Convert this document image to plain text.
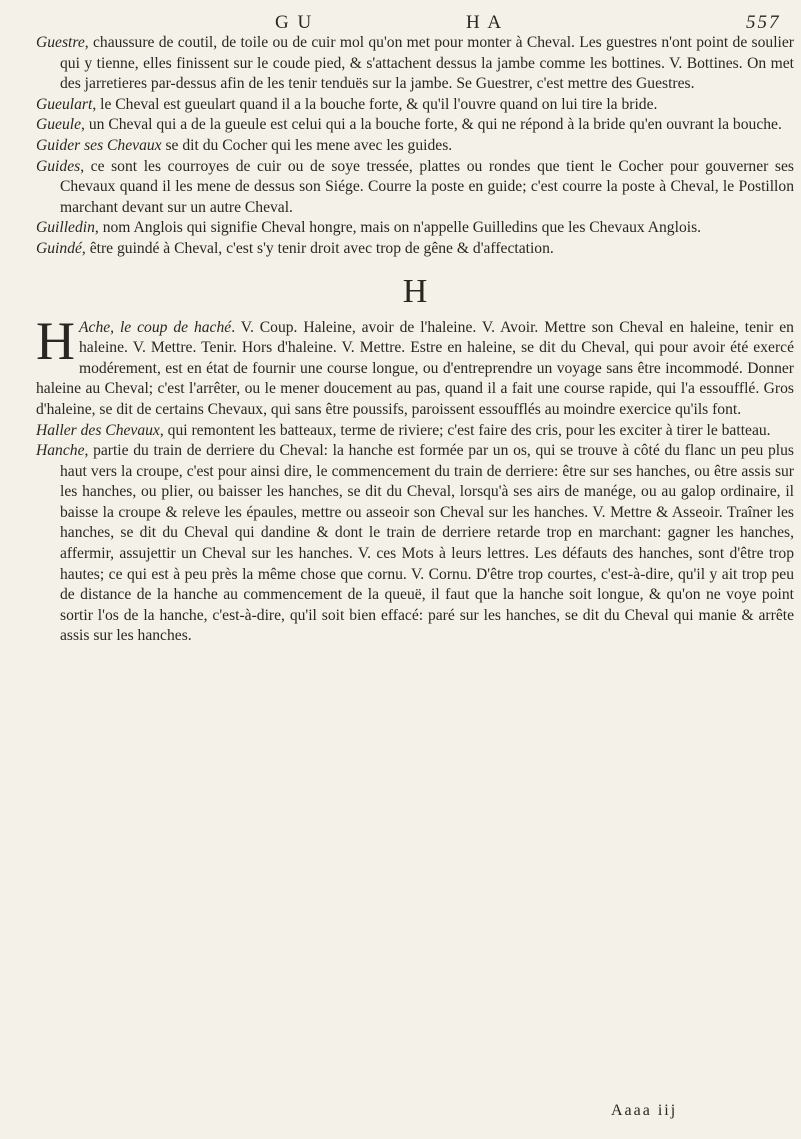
G U	H A	557

Guestre, chaussure de coutil, de toile ou de cuir mol qu'on met pour monter à Cheval. Les guestres n'ont point de soulier qui y tienne, elles finissent sur le coude pied, & s'attachent dessus la jambe comme les bottines. V. Bottines. On met des jarretieres par-dessus afin de les tenir tenduës sur la jambe. Se Guestrer, c'est mettre des Guestres.

Gueulart, le Cheval est gueulart quand il a la bouche forte, & qu'il l'ouvre quand on lui tire la bride.

Gueule, un Cheval qui a de la gueule est celui qui a la bouche forte, & qui ne répond à la bride qu'en ouvrant la bouche.

Guider ses Chevaux se dit du Cocher qui les mene avec les guides.

Guides, ce sont les courroyes de cuir ou de soye tressée, plattes ou rondes que tient le Cocher pour gouverner ses Chevaux quand il les mene de dessus son Siége. Courre la poste en guide; c'est courre la poste à Cheval, le Postillon marchant devant sur un autre Cheval.

Guilledin, nom Anglois qui signifie Cheval hongre, mais on n'appelle Guilledins que les Chevaux Anglois.

Guindé, être guindé à Cheval, c'est s'y tenir droit avec trop de gêne & d'affectation.

H

H Ache, le coup de haché. V. Coup. Haleine, avoir de l'haleine. V. Avoir. Mettre son Cheval en haleine, tenir en haleine. V. Mettre. Tenir. Hors d'haleine. V. Mettre. Estre en haleine, se dit du Cheval, qui pour avoir été exercé modérement, est en état de fournir une course longue, ou d'entreprendre un voyage sans être incommodé. Donner haleine au Cheval; c'est l'arrêter, ou le mener doucement au pas, quand il a fait une course rapide, qui l'a essoufflé. Gros d'haleine, se dit de certains Chevaux, qui sans être poussifs, paroissent essoufflés au moindre exercice qu'ils font.

Haller des Chevaux, qui remontent les batteaux, terme de riviere; c'est faire des cris, pour les exciter à tirer le batteau.

Hanche, partie du train de derriere du Cheval: la hanche est formée par un os, qui se trouve à côté du flanc un peu plus haut vers la croupe, c'est pour ainsi dire, le commencement du train de derriere: être sur ses hanches, ou être assis sur les hanches, ou plier, ou baisser les hanches, se dit du Cheval, lorsqu'à ses airs de manége, ou au galop ordinaire, il baisse la croupe & releve les épaules, mettre ou asseoir son Cheval sur les hanches. V. Mettre & Asseoir. Traîner les hanches, se dit du Cheval qui dandine & dont le train de derriere retarde trop en marchant: gagner les hanches, affermir, assujettir un Cheval sur les hanches. V. ces Mots à leurs lettres. Les défauts des hanches, sont d'être trop hautes; ce qui est à peu près la même chose que cornu. V. Cornu. D'être trop courtes, c'est-à-dire, qu'il y ait trop peu de distance de la hanche au commencement de la queuë, il faut que la hanche soit longue, & qu'on ne voye point sortir l'os de la hanche, c'est-à-dire, qu'il soit bien effacé: paré sur les hanches, se dit du Cheval qui manie & arrête assis sur les hanches.

Aaaa iij
